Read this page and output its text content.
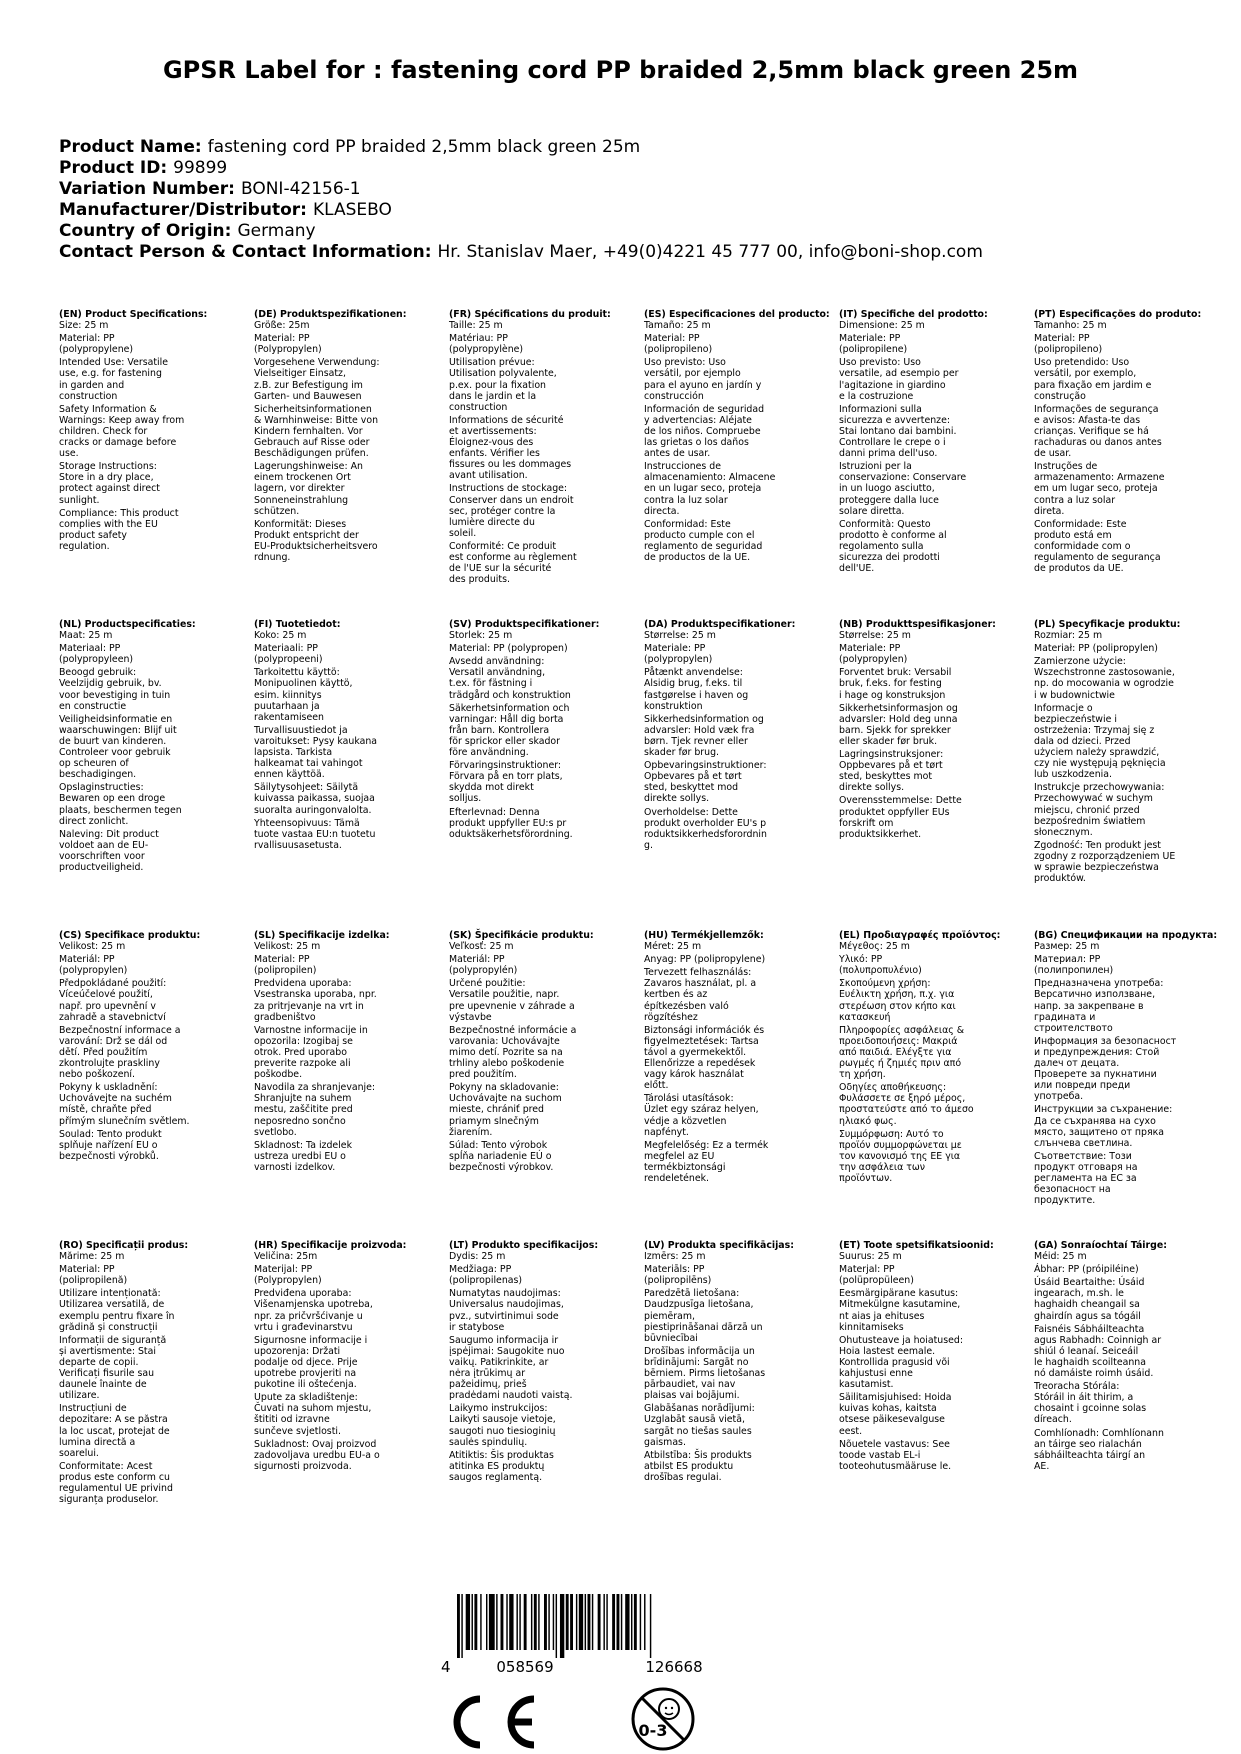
GPSR Label for : fastening cord PP braided 2,5mm black green 25m
Product Name: fastening cord PP braided 2,5mm black green 25m
Product ID: 99899
Variation Number: BONI-42156-1
Manufacturer/Distributor: KLASEBO
Country of Origin: Germany
Contact Person & Contact Information: Hr. Stanislav Maer, +49(0)4221 45 777 00, info@boni-shop.com
(EN) Product Specifications:
Size: 25 m
Material: PP
(polypropylene)
Intended Use: Versatile
use, e.g. for fastening
in garden and
construction
Safety Information &
Warnings: Keep away from
children. Check for
cracks or damage before
use.
Storage Instructions:
Store in a dry place,
protect against direct
sunlight.
Compliance: This product
complies with the EU
product safety
regulation.
(DE) Produktspezifikationen:
Größe: 25m
Material: PP
(Polypropylen)
Vorgesehene Verwendung:
Vielseitiger Einsatz,
z.B. zur Befestigung im
Garten- und Bauwesen
Sicherheitsinformationen
& Warnhinweise: Bitte von
Kindern fernhalten. Vor
Gebrauch auf Risse oder
Beschädigungen prüfen.
Lagerungshinweise: An
einem trockenen Ort
lagern, vor direkter
Sonneneinstrahlung
schützen.
Konformität: Dieses
Produkt entspricht der
EU-Produktsicherheitsvero
rdnung.
(FR) Spécifications du produit:
Taille: 25 m
Matériau: PP
(polypropylène)
Utilisation prévue:
Utilisation polyvalente,
p.ex. pour la fixation
dans le jardin et la
construction
Informations de sécurité
et avertissements:
Éloignez-vous des
enfants. Vérifier les
fissures ou les dommages
avant utilisation.
Instructions de stockage:
Conserver dans un endroit
sec, protéger contre la
lumière directe du
soleil.
Conformité: Ce produit
est conforme au règlement
de l'UE sur la sécurité
des produits.
(ES) Especificaciones del producto:
Tamaño: 25 m
Material: PP
(polipropileno)
Uso previsto: Uso
versátil, por ejemplo
para el ayuno en jardín y
construcción
Información de seguridad
y advertencias: Aléjate
de los niños. Compruebe
las grietas o los daños
antes de usar.
Instrucciones de
almacenamiento: Almacene
en un lugar seco, proteja
contra la luz solar
directa.
Conformidad: Este
producto cumple con el
reglamento de seguridad
de productos de la UE.
(IT) Specifiche del prodotto:
Dimensione: 25 m
Materiale: PP
(polipropilene)
Uso previsto: Uso
versatile, ad esempio per
l'agitazione in giardino
e la costruzione
Informazioni sulla
sicurezza e avvertenze:
Stai lontano dai bambini.
Controllare le crepe o i
danni prima dell'uso.
Istruzioni per la
conservazione: Conservare
in un luogo asciutto,
proteggere dalla luce
solare diretta.
Conformità: Questo
prodotto è conforme al
regolamento sulla
sicurezza dei prodotti
dell'UE.
(PT) Especificações do produto:
Tamanho: 25 m
Material: PP
(polipropileno)
Uso pretendido: Uso
versátil, por exemplo,
para fixação em jardim e
construção
Informações de segurança
e avisos: Afasta-te das
crianças. Verifique se há
rachaduras ou danos antes
de usar.
Instruções de
armazenamento: Armazene
em um lugar seco, proteja
contra a luz solar
direta.
Conformidade: Este
produto está em
conformidade com o
regulamento de segurança
de produtos da UE.
(NL) Productspecificaties:
Maat: 25 m
Materiaal: PP
(polypropyleen)
Beoogd gebruik:
Veelzijdig gebruik, bv.
voor bevestiging in tuin
en constructie
Veiligheidsinformatie en
waarschuwingen: Blijf uit
de buurt van kinderen.
Controleer voor gebruik
op scheuren of
beschadigingen.
Opslaginstructies:
Bewaren op een droge
plaats, beschermen tegen
direct zonlicht.
Naleving: Dit product
voldoet aan de EU-
voorschriften voor
productveiligheid.
(FI) Tuotetiedot:
Koko: 25 m
Materiaali: PP
(polypropeeni)
Tarkoitettu käyttö:
Monipuolinen käyttö,
esim. kiinnitys
puutarhaan ja
rakentamiseen
Turvallisuustiedot ja
varoitukset: Pysy kaukana
lapsista. Tarkista
halkeamat tai vahingot
ennen käyttöä.
Säilytysohjeet: Säilytä
kuivassa paikassa, suojaa
suoralta auringonvalolta.
Yhteensopivuus: Tämä
tuote vastaa EU:n tuotetu
rvallisuusasetusta.
(SV) Produktspecifikationer:
Storlek: 25 m
Material: PP (polypropen)
Avsedd användning:
Versatil användning,
t.ex. för fästning i
trädgård och konstruktion
Säkerhetsinformation och
varningar: Håll dig borta
från barn. Kontrollera
för sprickor eller skador
före användning.
Förvaringsinstruktioner:
Förvara på en torr plats,
skydda mot direkt
solljus.
Efterlevnad: Denna
produkt uppfyller EU:s pr
oduktsäkerhetsförordning.
(DA) Produktspecifikationer:
Størrelse: 25 m
Materiale: PP
(polypropylen)
Påtænkt anvendelse:
Alsidig brug, f.eks. til
fastgørelse i haven og
konstruktion
Sikkerhedsinformation og
advarsler: Hold væk fra
børn. Tjek revner eller
skader før brug.
Opbevaringsinstruktioner:
Opbevares på et tørt
sted, beskyttet mod
direkte sollys.
Overholdelse: Dette
produkt overholder EU's p
roduktsikkerhedsforordnin
g.
(NB) Produkttspesifikasjoner:
Størrelse: 25 m
Materiale: PP
(polypropylen)
Forventet bruk: Versabil
bruk, f.eks. for festing
i hage og konstruksjon
Sikkerhetsinformasjon og
advarsler: Hold deg unna
barn. Sjekk for sprekker
eller skader før bruk.
Lagringsinstruksjoner:
Oppbevares på et tørt
sted, beskyttes mot
direkte sollys.
Overensstemmelse: Dette
produktet oppfyller EUs
forskrift om
produktsikkerhet.
(PL) Specyfikacje produktu:
Rozmiar: 25 m
Materiał: PP (polipropylen)
Zamierzone użycie:
Wszechstronne zastosowanie,
np. do mocowania w ogrodzie
i w budownictwie
Informacje o
bezpieczeństwie i
ostrzeżenia: Trzymaj się z
dala od dzieci. Przed
użyciem należy sprawdzić,
czy nie występują pęknięcia
lub uszkodzenia.
Instrukcje przechowywania:
Przechowywać w suchym
miejscu, chronić przed
bezpośrednim światłem
słonecznym.
Zgodność: Ten produkt jest
zgodny z rozporządzeniem UE
w sprawie bezpieczeństwa
produktów.
(CS) Specifikace produktu:
Velikost: 25 m
Materiál: PP
(polypropylen)
Předpokládané použití:
Víceúčelové použití,
např. pro upevnění v
zahradě a stavebnictví
Bezpečnostní informace a
varování: Drž se dál od
dětí. Před použitím
zkontrolujte praskliny
nebo poškození.
Pokyny k uskladnění:
Uchovávejte na suchém
místě, chraňte před
přímým slunečním světlem.
Soulad: Tento produkt
splňuje nařízení EU o
bezpečnosti výrobků.
(SL) Specifikacije izdelka:
Velikost: 25 m
Material: PP
(polipropilen)
Predvidena uporaba:
Vsestranska uporaba, npr.
za pritrjevanje na vrt in
gradbeništvo
Varnostne informacije in
opozorila: Izogibaj se
otrok. Pred uporabo
preverite razpoke ali
poškodbe.
Navodila za shranjevanje:
Shranjujte na suhem
mestu, zaščitite pred
neposredno sončno
svetlobo.
Skladnost: Ta izdelek
ustreza uredbi EU o
varnosti izdelkov.
(SK) Špecifikácie produktu:
Veľkosť: 25 m
Materiál: PP
(polypropylén)
Určené použitie:
Versatile použitie, napr.
pre upevnenie v záhrade a
výstavbe
Bezpečnostné informácie a
varovania: Uchovávajte
mimo detí. Pozrite sa na
trhliny alebo poškodenie
pred použitím.
Pokyny na skladovanie:
Uchovávajte na suchom
mieste, chrániť pred
priamym slnečným
žiarením.
Súlad: Tento výrobok
spĺňa nariadenie EÚ o
bezpečnosti výrobkov.
(HU) Termékjellemzők:
Méret: 25 m
Anyag: PP (polipropylene)
Tervezett felhasználás:
Zavaros használat, pl. a
kertben és az
építkezésben való
rögzítéshez
Biztonsági információk és
figyelmeztetések: Tartsa
távol a gyermekektől.
Ellenőrizze a repedések
vagy károk használat
előtt.
Tárolási utasítások:
Üzlet egy száraz helyen,
védje a közvetlen
napfényt.
Megfelelőség: Ez a termék
megfelel az EU
termékbiztonsági
rendeletének.
(EL) Προδιαγραφές προϊόντος:
Μέγεθος: 25 m
Υλικό: PP
(πολυπροπυλένιο)
Σκοπούμενη χρήση:
Ευέλικτη χρήση, π.χ. για
στερέωση στον κήπο και
κατασκευή
Πληροφορίες ασφάλειας &
προειδοποιήσεις: Μακριά
από παιδιά. Ελέγξτε για
ρωγμές ή ζημιές πριν από
τη χρήση.
Οδηγίες αποθήκευσης:
Φυλάσσετε σε ξηρό μέρος,
προστατεύστε από το άμεσο
ηλιακό φως.
Συμμόρφωση: Αυτό το
προϊόν συμμορφώνεται με
τον κανονισμό της ΕΕ για
την ασφάλεια των
προϊόντων.
(BG) Спецификации на продукта:
Размер: 25 m
Материал: PP
(полипропилен)
Предназначена употреба:
Версатично използване,
напр. за закрепване в
градината и
строителството
Информация за безопасност
и предупреждения: Стой
далеч от децата.
Проверете за пукнатини
или повреди преди
употреба.
Инструкции за съхранение:
Да се съхранява на сухо
място, защитено от пряка
слънчева светлина.
Съответствие: Този
продукт отговаря на
регламента на ЕС за
безопасност на
продуктите.
(RO) Specificații produs:
Mărime: 25 m
Material: PP
(polipropilenă)
Utilizare intenționată:
Utilizarea versatilă, de
exemplu pentru fixare în
grădină și construcții
Informații de siguranță
și avertismente: Stai
departe de copii.
Verificați fisurile sau
daunele înainte de
utilizare.
Instrucțiuni de
depozitare: A se păstra
la loc uscat, protejat de
lumina directă a
soarelui.
Conformitate: Acest
produs este conform cu
regulamentul UE privind
siguranța produselor.
(HR) Specifikacije proizvoda:
Veličina: 25m
Materijal: PP
(Polypropylen)
Predviđena uporaba:
Višenamjenska upotreba,
npr. za pričvršćivanje u
vrtu i građevinarstvu
Sigurnosne informacije i
upozorenja: Držati
podalje od djece. Prije
upotrebe provjeriti na
pukotine ili oštećenja.
Upute za skladištenje:
Čuvati na suhom mjestu,
štititi od izravne
sunčeve svjetlosti.
Sukladnost: Ovaj proizvod
zadovoljava uredbu EU-a o
sigurnosti proizvoda.
(LT) Produkto specifikacijos:
Dydis: 25 m
Medžiaga: PP
(polipropilenas)
Numatytas naudojimas:
Universalus naudojimas,
pvz., sutvirtinimui sode
ir statybose
Saugumo informacija ir
įspėjimai: Saugokite nuo
vaikų. Patikrinkite, ar
nėra įtrūkimų ar
pažeidimų, prieš
pradėdami naudoti vaistą.
Laikymo instrukcijos:
Laikyti sausoje vietoje,
saugoti nuo tiesioginių
saulės spindulių.
Atitiktis: Šis produktas
atitinka ES produktų
saugos reglamentą.
(LV) Produkta specifikācijas:
Izmērs: 25 m
Materiāls: PP
(polipropilēns)
Paredzētā lietošana:
Daudzpusīga lietošana,
piemēram,
piestiprināšanai dārzā un
būvniecībai
Drošības informācija un
brīdinājumi: Sargāt no
bērniem. Pirms lietošanas
pārbaudiet, vai nav
plaisas vai bojājumi.
Glabāšanas norādījumi:
Uzglabāt sausā vietā,
sargāt no tiešas saules
gaismas.
Atbilstība: Šis produkts
atbilst ES produktu
drošības regulai.
(ET) Toote spetsifikatsioonid:
Suurus: 25 m
Materjal: PP
(polüpropüleen)
Eesmärgipärane kasutus:
Mitmekülgne kasutamine,
nt aias ja ehituses
kinnitamiseks
Ohutusteave ja hoiatused:
Hoia lastest eemale.
Kontrollida pragusid või
kahjustusi enne
kasutamist.
Säilitamisjuhised: Hoida
kuivas kohas, kaitsta
otsese päikesevalguse
eest.
Nõuetele vastavus: See
toode vastab EL-i
tooteohutusmääruse le.
(GA) Sonraíochtaí Táirge:
Méid: 25 m
Ábhar: PP (próipiléine)
Úsáid Beartaithe: Úsáid
ingearach, m.sh. le
haghaidh cheangail sa
ghairdín agus sa tógáil
Faisnéis Sábháilteachta
agus Rabhadh: Coinnigh ar
shiúl ó leanaí. Seiceáil
le haghaidh scoilteanna
nó damáiste roimh úsáid.
Treoracha Stórála:
Stóráil in áit thirim, a
chosaint i gcoinne solas
díreach.
Comhlíonadh: Comhlíonann
an táirge seo rialachán
sábháilteachta táirgí an
AE.
4	058569	126668
0-3
